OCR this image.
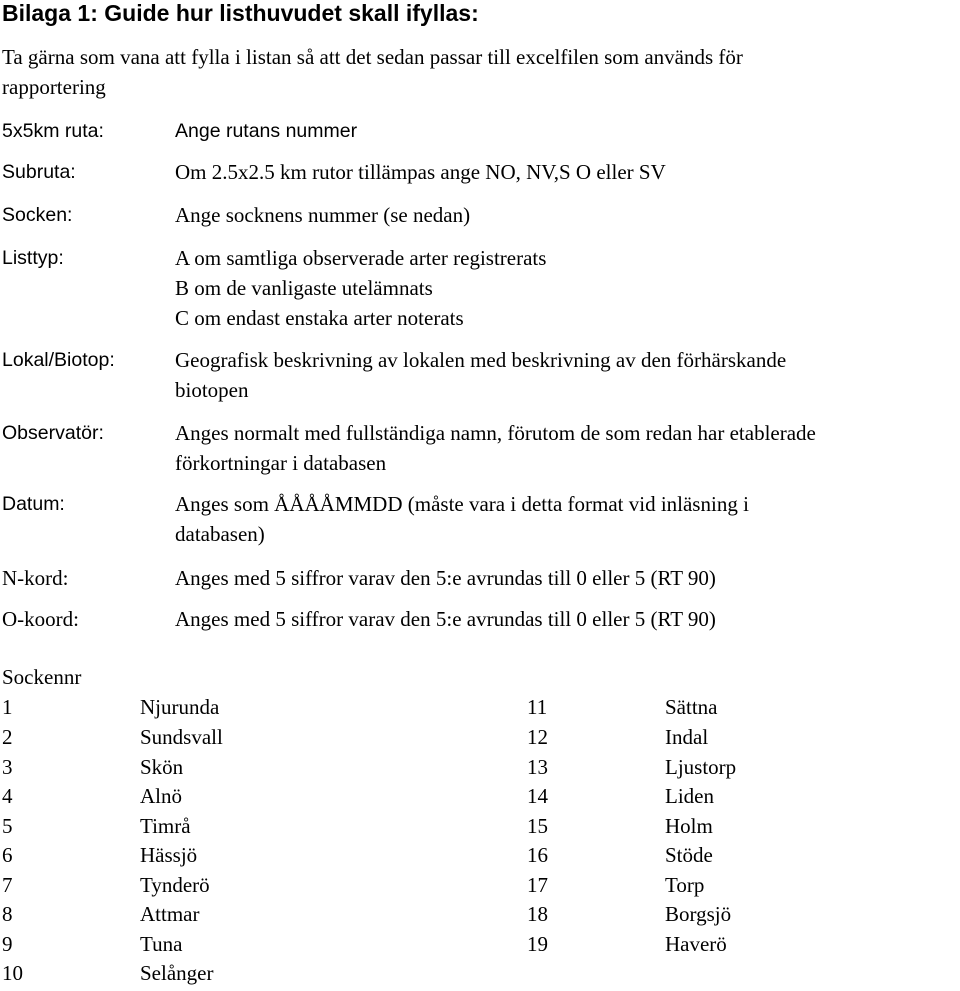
Bilaga 1: Guide hur listhuvudet skall ifyllas:
Ta gärna som vana att fylla i listan så att det sedan passar till excelfilen som används för
rapportering
5x5km ruta:	Ange rutans nummer
Subruta:	Om 2.5x2.5 km rutor tillämpas ange NO, NV,S O eller SV
Socken:	Ange socknens nummer (se nedan)
Listtyp:	A om samtliga observerade arter registrerats
B om de vanligaste utelämnats
C om endast enstaka arter noterats
Lokal/Biotop:	Geografisk beskrivning av lokalen med beskrivning av den förhärskande
biotopen
Observatör:	Anges normalt med fullständiga namn, förutom de som redan har etablerade
förkortningar i databasen
Datum:	Anges som ÅÅÅÅMMDD (måste vara i detta format vid inläsning i
databasen)
N-kord:	Anges med 5 siffror varav den 5:e avrundas till 0 eller 5 (RT 90)
O-koord:	Anges med 5 siffror varav den 5:e avrundas till 0 eller 5 (RT 90)
Sockennr
1	Njurunda
2	Sundsvall
3	Skön
4	Alnö
5	Timrå
6	Hässjö
7	Tynderö
8	Attmar
9	Tuna
10	Selånger
11	Sättna
12	Indal
13	Ljustorp
14	Liden
15	Holm
16	Stöde
17	Torp
18	Borgsjö
19	Haverö
